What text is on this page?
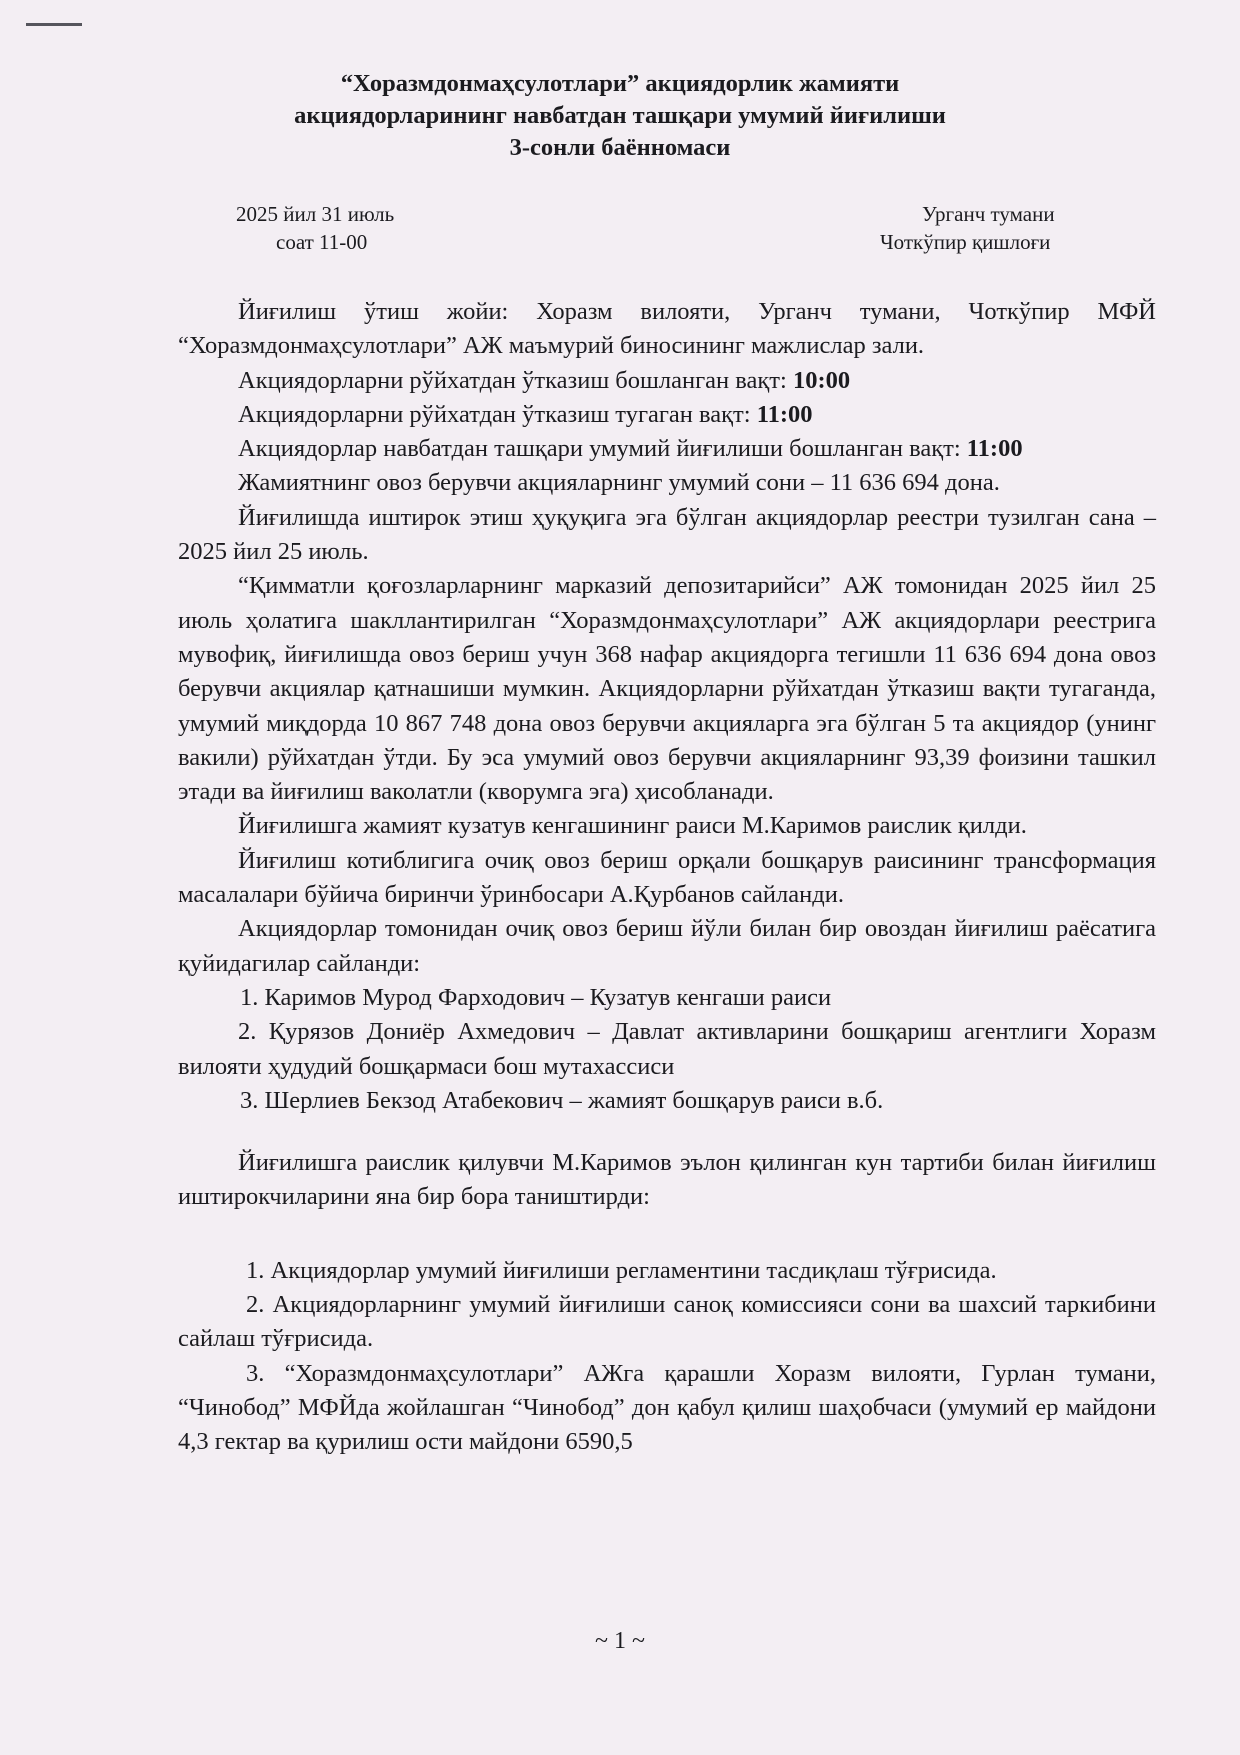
“Хоразмдонмаҳсулотлари” акциядорлик жамияти
акциядорларининг навбатдан ташқари умумий йиғилиши
3-сонли баённомаси
2025 йил 31 июль
соат 11-00
Урганч тумани
Чоткўпир қишлоғи

Йиғилиш ўтиш жойи: Хоразм вилояти, Урганч тумани, Чоткўпир МФЙ “Хоразмдонмаҳсулотлари” АЖ маъмурий биносининг мажлислар зали.

Акциядорларни рўйхатдан ўтказиш бошланган вақт: 10:00

Акциядорларни рўйхатдан ўтказиш тугаган вақт: 11:00

Акциядорлар навбатдан ташқари умумий йиғилиши бошланган вақт: 11:00

Жамиятнинг овоз берувчи акцияларнинг умумий сони – 11 636 694 дона.

Йиғилишда иштирок этиш ҳуқуқига эга бўлган акциядорлар реестри тузилган сана – 2025 йил 25 июль.

“Қимматли қоғозларларнинг марказий депозитарийси” АЖ томонидан 2025 йил 25 июль ҳолатига шакллантирилган “Хоразмдонмаҳсулотлари” АЖ акциядорлари реестрига мувофиқ, йиғилишда овоз бериш учун 368 нафар акциядорга тегишли 11 636 694 дона овоз берувчи акциялар қатнашиши мумкин. Акциядорларни рўйхатдан ўтказиш вақти тугаганда, умумий миқдорда 10 867 748 дона овоз берувчи акцияларга эга бўлган 5 та акциядор (унинг вакили) рўйхатдан ўтди. Бу эса умумий овоз берувчи акцияларнинг 93,39 фоизини ташкил этади ва йиғилиш ваколатли (кворумга эга) ҳисобланади.

Йиғилишга жамият кузатув кенгашининг раиси М.Каримов раислик қилди.

Йиғилиш котиблигига очиқ овоз бериш орқали бошқарув раисининг трансформация масалалари бўйича биринчи ўринбосари А.Қурбанов сайланди.

Акциядорлар томонидан очиқ овоз бериш йўли билан бир овоздан йиғилиш раёсатига қуйидагилар сайланди:

1. Каримов Мурод Фарходович – Кузатув кенгаши раиси

2. Қурязов Дониёр Ахмедович – Давлат активларини бошқариш агентлиги Хоразм вилояти ҳудудий бошқармаси бош мутахассиси

3. Шерлиев Бекзод Атабекович – жамият бошқарув раиси в.б.

Йиғилишга раислик қилувчи М.Каримов эълон қилинган кун тартиби билан йиғилиш иштирокчиларини яна бир бора таништирди:

1. Акциядорлар умумий йиғилиши регламентини тасдиқлаш тўғрисида.

2. Акциядорларнинг умумий йиғилиши саноқ комиссияси сони ва шахсий таркибини сайлаш тўғрисида.

3. “Хоразмдонмаҳсулотлари” АЖга қарашли Хоразм вилояти, Гурлан тумани, “Чинобод” МФЙда жойлашган “Чинобод” дон қабул қилиш шаҳобчаси (умумий ер майдони 4,3 гектар ва қурилиш ости майдони 6590,5

~ 1 ~
